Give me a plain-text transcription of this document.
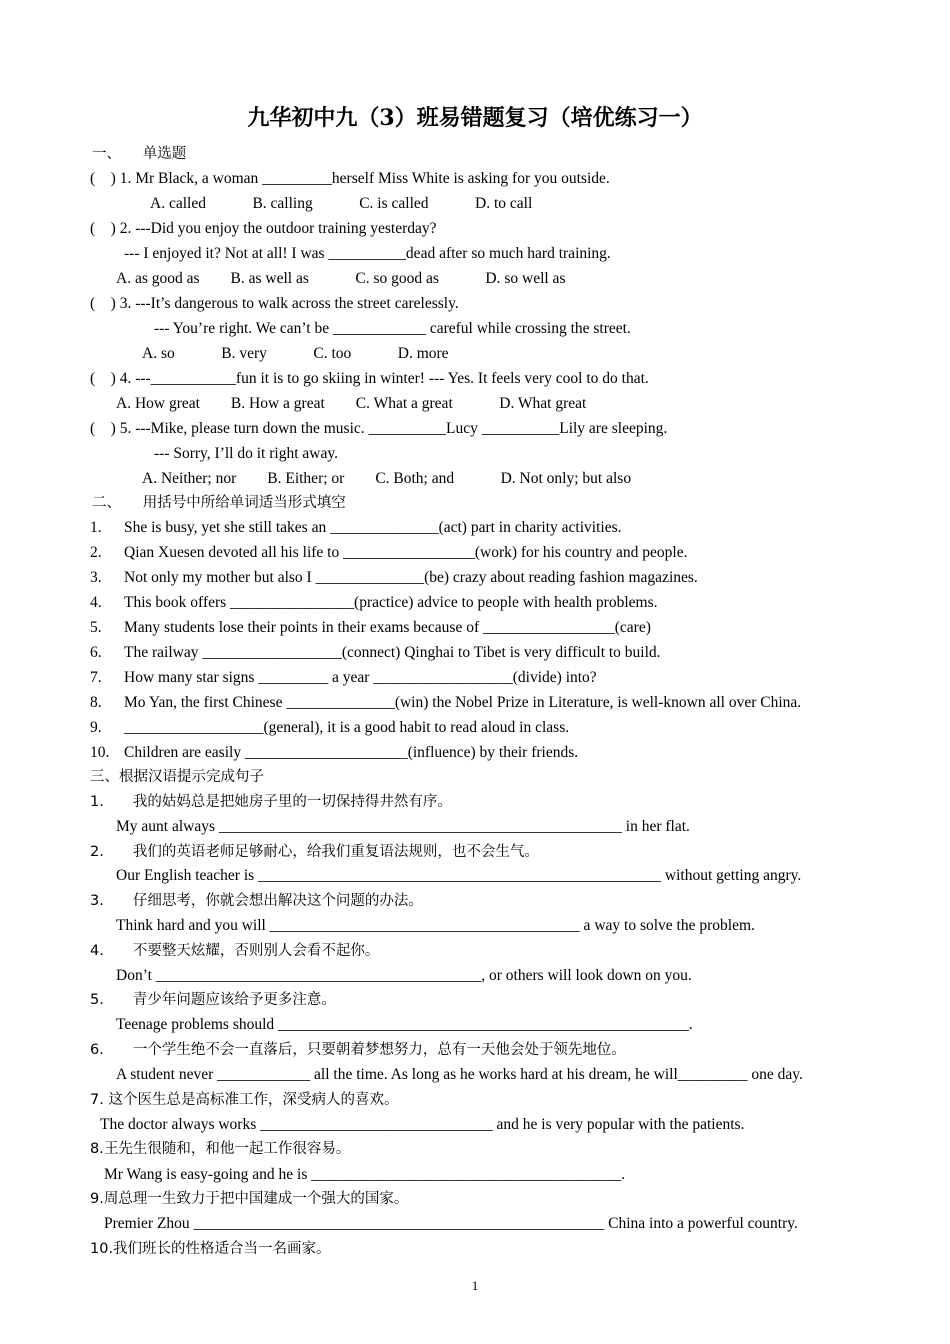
九华初中九（3）班易错题复习（培优练习一）
一、　　单选题
(　) 1. Mr Black, a woman _________herself Miss White is asking for you outside.
A. called　　　B. calling　　　C. is called　　　D. to call
(　) 2. ---Did you enjoy the outdoor training yesterday?
--- I enjoyed it? Not at all! I was __________dead after so much hard training.
A. as good as　　B. as well as　　　C. so good as　　　D. so well as
(　) 3. ---It’s dangerous to walk across the street carelessly.
--- You’re right. We can’t be ____________ careful while crossing the street.
A. so　　　B. very　　　C. too　　　D. more
(　) 4. ---___________fun it is to go skiing in winter! --- Yes. It feels very cool to do that.
A. How great　　B. How a great　　C. What a great　　　D. What great
(　) 5. ---Mike, please turn down the music. __________Lucy __________Lily are sleeping.
--- Sorry, I’ll do it right away.
A. Neither; nor　　B. Either; or　　C. Both; and　　　D. Not only; but also
二、　　用括号中所给单词适当形式填空
1. She is busy, yet she still takes an ______________(act) part in charity activities.
2. Qian Xuesen devoted all his life to _________________(work) for his country and people.
3. Not only my mother but also I ______________(be) crazy about reading fashion magazines.
4. This book offers ________________(practice) advice to people with health problems.
5. Many students lose their points in their exams because of _________________(care)
6. The railway __________________(connect) Qinghai to Tibet is very difficult to build.
7. How many star signs _________ a year __________________(divide) into?
8. Mo Yan, the first Chinese ______________(win) the Nobel Prize in Literature, is well-known all over China.
9. __________________(general), it is a good habit to read aloud in class.
10. Children are easily _____________________(influence) by their friends.
三、根据汉语提示完成句子
1.　　我的姑妈总是把她房子里的一切保持得井然有序。
My aunt always ____________________________________________________ in her flat.
2.　　我们的英语老师足够耐心，给我们重复语法规则，也不会生气。
Our English teacher is ____________________________________________________ without getting angry.
3.　　仔细思考，你就会想出解决这个问题的办法。
Think hard and you will ________________________________________ a way to solve the problem.
4.　　不要整天炫耀，否则别人会看不起你。
Don’t __________________________________________, or others will look down on you.
5.　　青少年问题应该给予更多注意。
Teenage problems should _____________________________________________________.
6.　　一个学生绝不会一直落后，只要朝着梦想努力，总有一天他会处于领先地位。
A student never ____________ all the time. As long as he works hard at his dream, he will_________ one day.
7. 这个医生总是高标准工作，深受病人的喜欢。
The doctor always works ______________________________ and he is very popular with the patients.
8.王先生很随和，和他一起工作很容易。
Mr Wang is easy-going and he is ________________________________________.
9.周总理一生致力于把中国建成一个强大的国家。
Premier Zhou _____________________________________________________ China into a powerful country.
10.我们班长的性格适合当一名画家。
1
